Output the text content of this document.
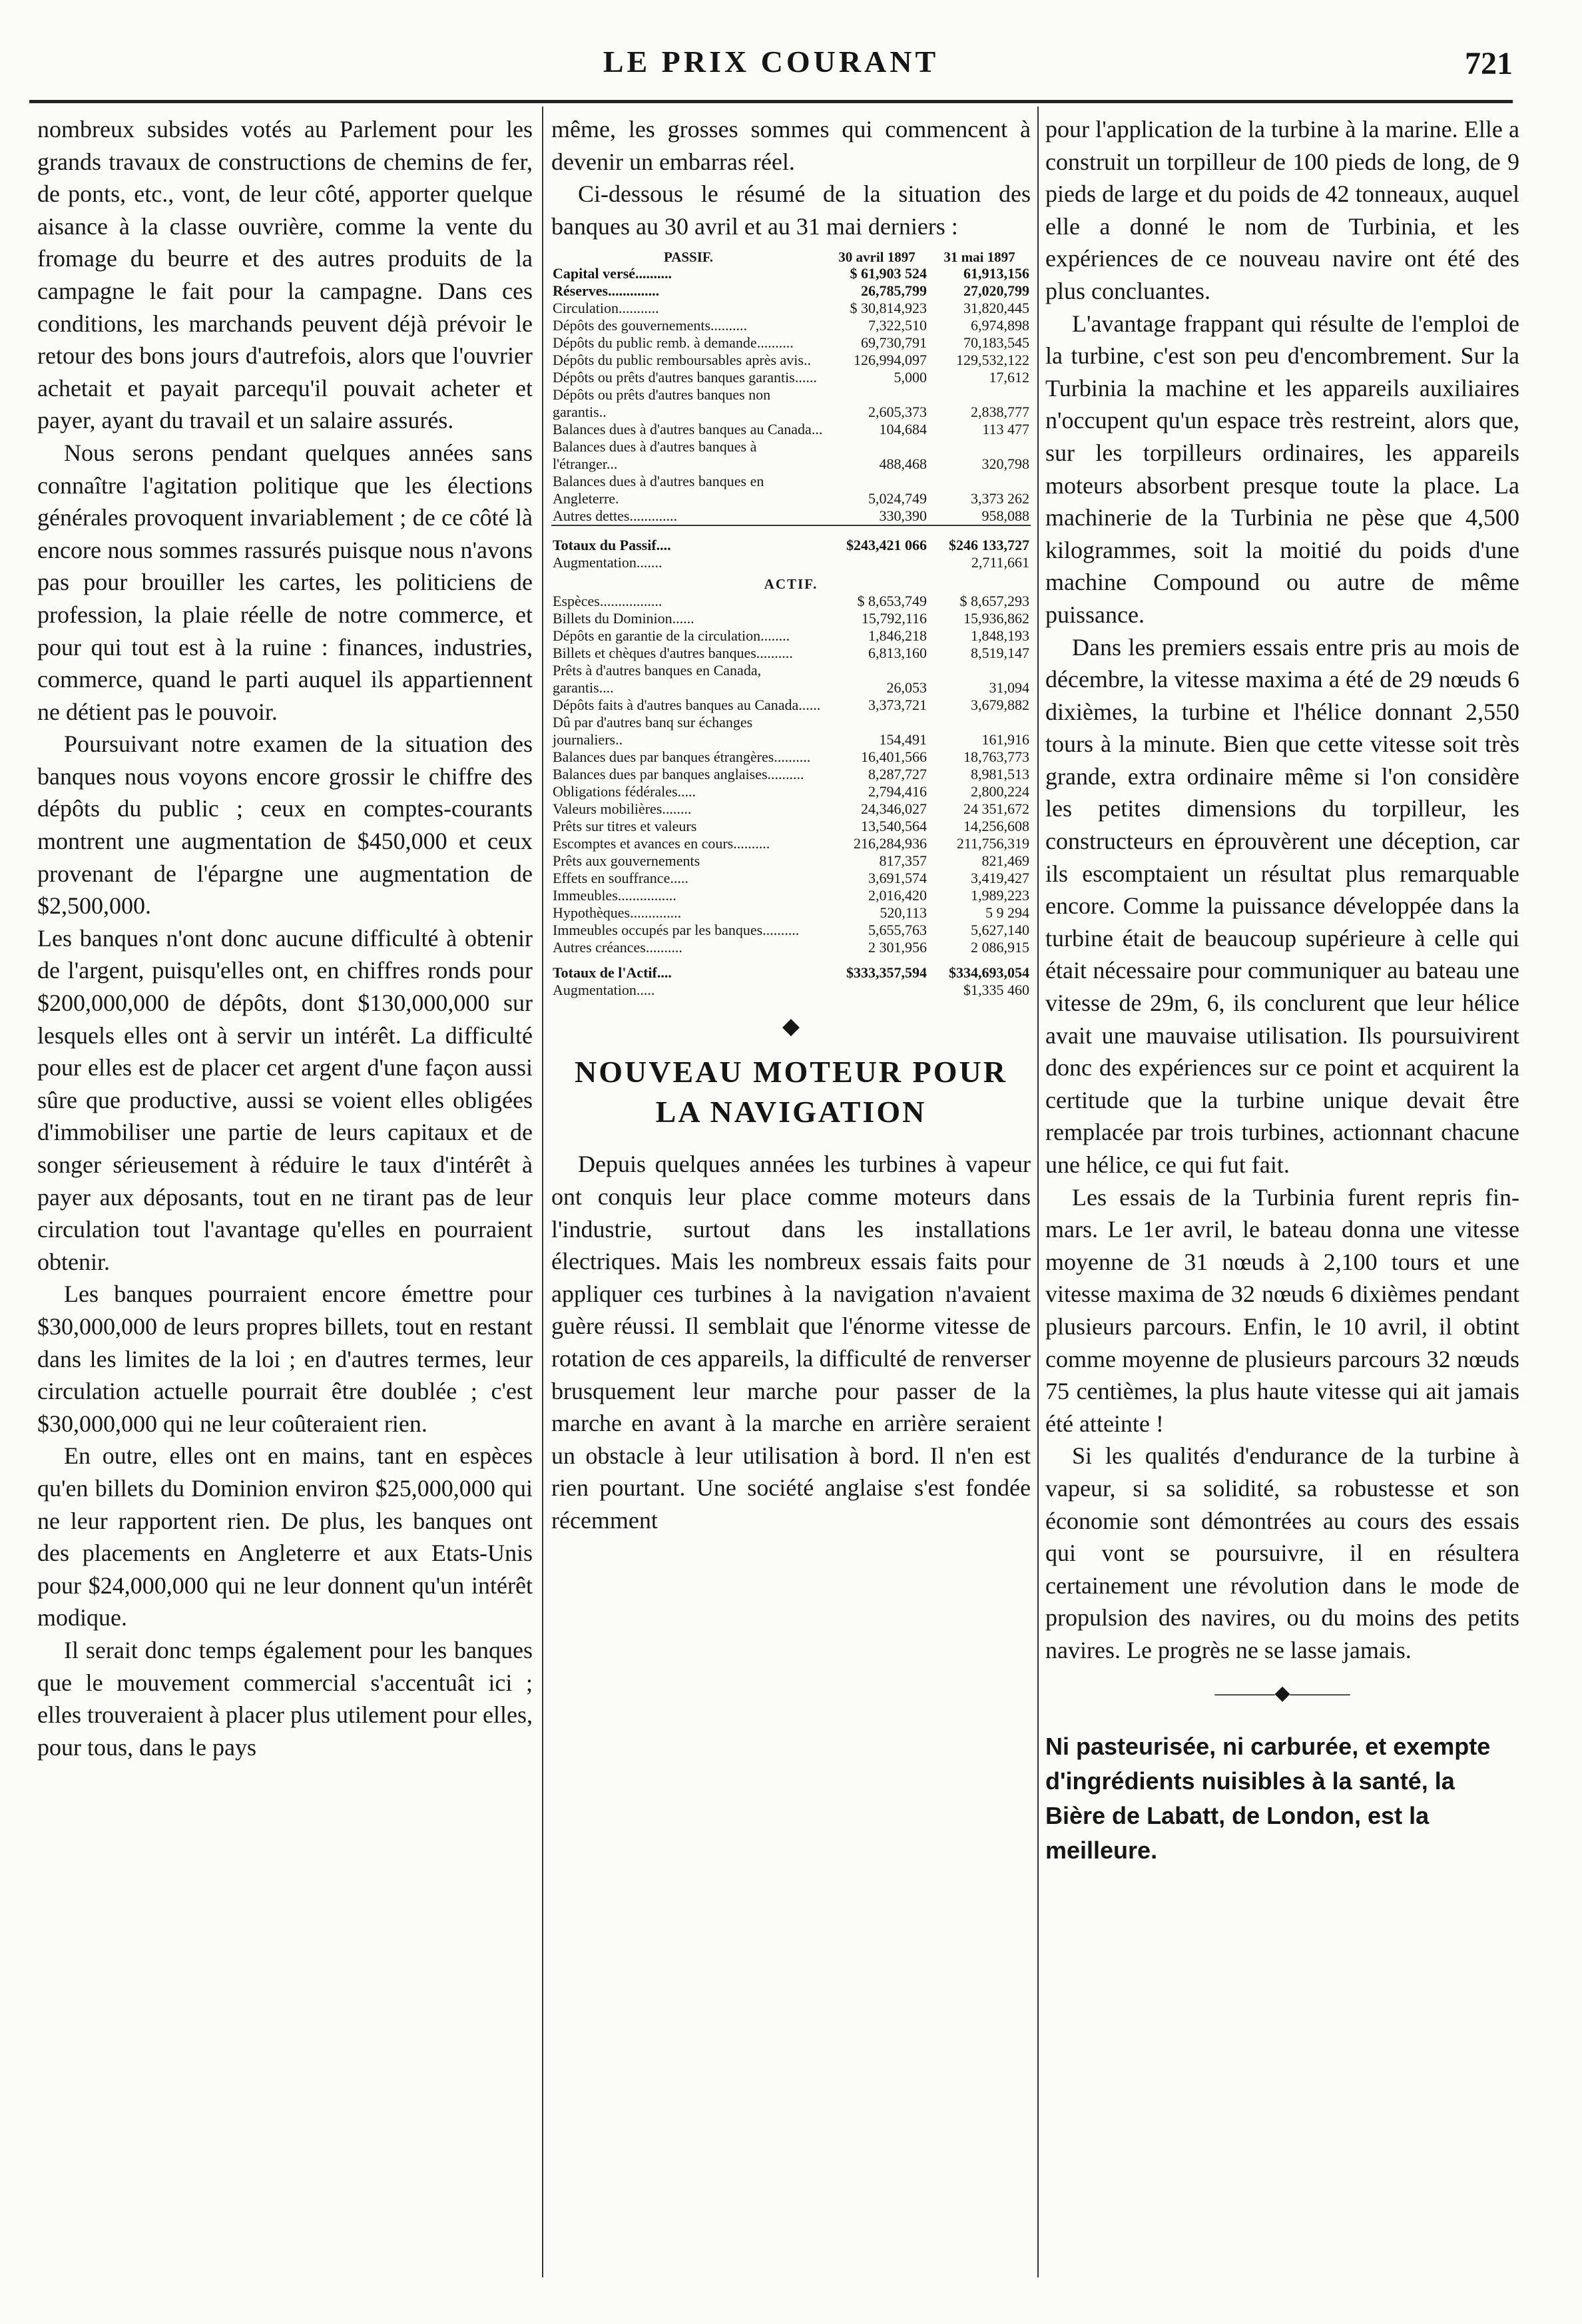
LE PRIX COURANT	721

nombreux subsides votés au Parlement pour les grands travaux de constructions de chemins de fer, de ponts, etc., vont, de leur côté, apporter quelque aisance à la classe ouvrière, comme la vente du fromage du beurre et des autres produits de la campagne le fait pour la campagne. Dans ces conditions, les marchands peuvent déjà prévoir le retour des bons jours d'autrefois, alors que l'ouvrier achetait et payait parcequ'il pouvait acheter et payer, ayant du travail et un salaire assurés.

Nous serons pendant quelques années sans connaître l'agitation politique que les élections générales provoquent invariablement ; de ce côté là encore nous sommes rassurés puisque nous n'avons pas pour brouiller les cartes, les politiciens de profession, la plaie réelle de notre commerce, et pour qui tout est à la ruine : finances, industries, commerce, quand le parti auquel ils appartiennent ne détient pas le pouvoir.

Poursuivant notre examen de la situation des banques nous voyons encore grossir le chiffre des dépôts du public ; ceux en comptes-courants montrent une augmentation de $450,000 et ceux provenant de l'épargne une augmentation de $2,500,000.

Les banques n'ont donc aucune difficulté à obtenir de l'argent, puisqu'elles ont, en chiffres ronds pour $200,000,000 de dépôts, dont $130,000,000 sur lesquels elles ont à servir un intérêt. La difficulté pour elles est de placer cet argent d'une façon aussi sûre que productive, aussi se voient elles obligées d'immobiliser une partie de leurs capitaux et de songer sérieusement à réduire le taux d'intérêt à payer aux déposants, tout en ne tirant pas de leur circulation tout l'avantage qu'elles en pourraient obtenir.

Les banques pourraient encore émettre pour $30,000,000 de leurs propres billets, tout en restant dans les limites de la loi ; en d'autres termes, leur circulation actuelle pourrait être doublée ; c'est $30,000,000 qui ne leur coûteraient rien.

En outre, elles ont en mains, tant en espèces qu'en billets du Dominion environ $25,000,000 qui ne leur rapportent rien. De plus, les banques ont des placements en Angleterre et aux Etats-Unis pour $24,000,000 qui ne leur donnent qu'un intérêt modique.

Il serait donc temps également pour les banques que le mouvement commercial s'accentuât ici ; elles trouveraient à placer plus utilement pour elles, pour tous, dans le pays

même, les grosses sommes qui commencent à devenir un embarras réel.

Ci-dessous le résumé de la situation des banques au 30 avril et au 31 mai derniers :

PASSIF.	30 avril 1897	31 mai 1897
Capital versé..........	$ 61,903 524	61,913,156
Réserves..............	26,785,799	27,020,799
Circulation...........	$ 30,814,923	31,820,445
Dépôts des gouvernements..........	7,322,510	6,974,898
Dépôts du public remb. à demande..........	69,730,791	70,183,545
Dépôts du public remboursables après avis..	126,994,097	129,532,122
Dépôts ou prêts d'autres banques garantis......	5,000	17,612
Dépôts ou prêts d'autres banques non garantis..	2,605,373	2,838,777
Balances dues à d'autres banques au Canada...	104,684	113 477
Balances dues à d'autres banques à l'étranger...	488,468	320,798
Balances dues à d'autres banques en Angleterre.	5,024,749	3,373 262
Autres dettes.............	330,390	958,088

Totaux du Passif....	$243,421 066	$246 133,727
Augmentation.......		2,711,661
ACTIF.		
Espèces.................	$ 8,653,749	$ 8,657,293
Billets du Dominion......	15,792,116	15,936,862
Dépôts en garantie de la circulation........	1,846,218	1,848,193
Billets et chèques d'autres banques..........	6,813,160	8,519,147
Prêts à d'autres banques en Canada, garantis....	26,053	31,094
Dépôts faits à d'autres banques au Canada......	3,373,721	3,679,882
Dû par d'autres banq sur échanges journaliers..	154,491	161,916
Balances dues par banques étrangères..........	16,401,566	18,763,773
Balances dues par banques anglaises..........	8,287,727	8,981,513
Obligations fédérales.....	2,794,416	2,800,224
Valeurs mobilières........	24,346,027	24 351,672
Prêts sur titres et valeurs	13,540,564	14,256,608
Escomptes et avances en cours..........	216,284,936	211,756,319
Prêts aux gouvernements	817,357	821,469
Effets en souffrance.....	3,691,574	3,419,427
Immeubles................	2,016,420	1,989,223
Hypothèques..............	520,113	5 9 294
Immeubles occupés par les banques..........	5,655,763	5,627,140
Autres créances..........	2 301,956	2 086,915
Totaux de l'Actif....	$333,357,594	$334,693,054
Augmentation.....		$1,335 460
◆
NOUVEAU MOTEUR POUR LA NAVIGATION

Depuis quelques années les turbines à vapeur ont conquis leur place comme moteurs dans l'industrie, surtout dans les installations électriques. Mais les nombreux essais faits pour appliquer ces turbines à la navigation n'avaient guère réussi. Il semblait que l'énorme vitesse de rotation de ces appareils, la difficulté de renverser brusquement leur marche pour passer de la marche en avant à la marche en arrière seraient un obstacle à leur utilisation à bord. Il n'en est rien pourtant. Une société anglaise s'est fondée récemment

pour l'application de la turbine à la marine. Elle a construit un torpilleur de 100 pieds de long, de 9 pieds de large et du poids de 42 tonneaux, auquel elle a donné le nom de Turbinia, et les expériences de ce nouveau navire ont été des plus concluantes.

L'avantage frappant qui résulte de l'emploi de la turbine, c'est son peu d'encombrement. Sur la Turbinia la machine et les appareils auxiliaires n'occupent qu'un espace très restreint, alors que, sur les torpilleurs ordinaires, les appareils moteurs absorbent presque toute la place. La machinerie de la Turbinia ne pèse que 4,500 kilogrammes, soit la moitié du poids d'une machine Compound ou autre de même puissance.

Dans les premiers essais entre pris au mois de décembre, la vitesse maxima a été de 29 nœuds 6 dixièmes, la turbine et l'hélice donnant 2,550 tours à la minute. Bien que cette vitesse soit très grande, extra ordinaire même si l'on considère les petites dimensions du torpilleur, les constructeurs en éprouvèrent une déception, car ils escomptaient un résultat plus remarquable encore. Comme la puissance développée dans la turbine était de beaucoup supérieure à celle qui était nécessaire pour communiquer au bateau une vitesse de 29m, 6, ils conclurent que leur hélice avait une mauvaise utilisation. Ils poursuivirent donc des expériences sur ce point et acquirent la certitude que la turbine unique devait être remplacée par trois turbines, actionnant chacune une hélice, ce qui fut fait.

Les essais de la Turbinia furent repris fin-mars. Le 1er avril, le bateau donna une vitesse moyenne de 31 nœuds à 2,100 tours et une vitesse maxima de 32 nœuds 6 dixièmes pendant plusieurs parcours. Enfin, le 10 avril, il obtint comme moyenne de plusieurs parcours 32 nœuds 75 centièmes, la plus haute vitesse qui ait jamais été atteinte !

Si les qualités d'endurance de la turbine à vapeur, si sa solidité, sa robustesse et son économie sont démontrées au cours des essais qui vont se poursuivre, il en résultera certainement une révolution dans le mode de propulsion des navires, ou du moins des petits navires. Le progrès ne se lasse jamais.

———◆———
Ni pasteurisée, ni carburée, et exempte d'ingrédients nuisibles à la santé, la Bière de Labatt, de London, est la meilleure.
